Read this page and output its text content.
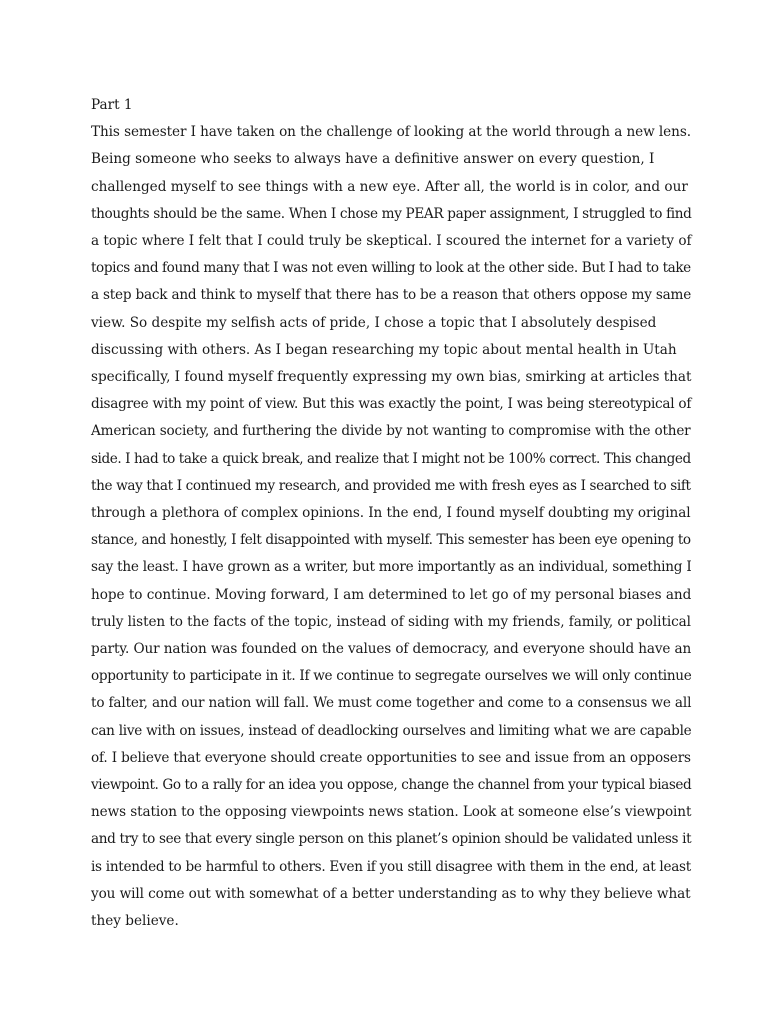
Part 1
This semester I have taken on the challenge of looking at the world through a new lens.
Being someone who seeks to always have a definitive answer on every question, I
challenged myself to see things with a new eye. After all, the world is in color, and our
thoughts should be the same. When I chose my PEAR paper assignment, I struggled to find
a topic where I felt that I could truly be skeptical. I scoured the internet for a variety of
topics and found many that I was not even willing to look at the other side. But I had to take
a step back and think to myself that there has to be a reason that others oppose my same
view. So despite my selfish acts of pride, I chose a topic that I absolutely despised
discussing with others. As I began researching my topic about mental health in Utah
specifically, I found myself frequently expressing my own bias, smirking at articles that
disagree with my point of view. But this was exactly the point, I was being stereotypical of
American society, and furthering the divide by not wanting to compromise with the other
side. I had to take a quick break, and realize that I might not be 100% correct. This changed
the way that I continued my research, and provided me with fresh eyes as I searched to sift
through a plethora of complex opinions. In the end, I found myself doubting my original
stance, and honestly, I felt disappointed with myself. This semester has been eye opening to
say the least. I have grown as a writer, but more importantly as an individual, something I
hope to continue. Moving forward, I am determined to let go of my personal biases and
truly listen to the facts of the topic, instead of siding with my friends, family, or political
party. Our nation was founded on the values of democracy, and everyone should have an
opportunity to participate in it. If we continue to segregate ourselves we will only continue
to falter, and our nation will fall. We must come together and come to a consensus we all
can live with on issues, instead of deadlocking ourselves and limiting what we are capable
of. I believe that everyone should create opportunities to see and issue from an opposers
viewpoint. Go to a rally for an idea you oppose, change the channel from your typical biased
news station to the opposing viewpoints news station. Look at someone else’s viewpoint
and try to see that every single person on this planet’s opinion should be validated unless it
is intended to be harmful to others. Even if you still disagree with them in the end, at least
you will come out with somewhat of a better understanding as to why they believe what
they believe.
